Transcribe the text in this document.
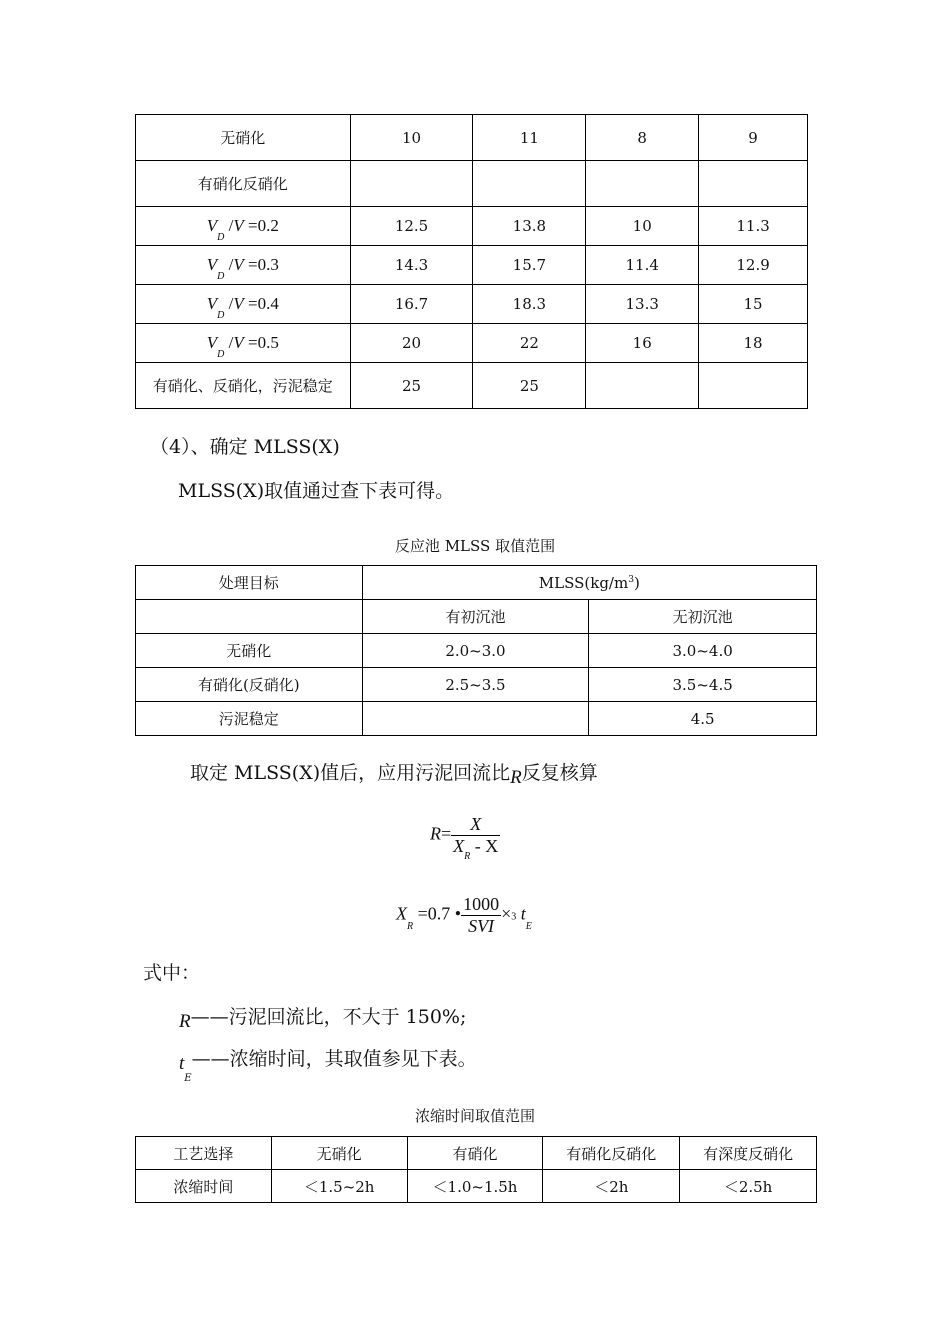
无硝化	10	11	8	9
有硝化反硝化				
$V_D$ /V =0.2	12.5	13.8	10	11.3
$V_D$ /V =0.3	14.3	15.7	11.4	12.9
$V_D$ /V =0.4	16.7	18.3	13.3	15
$V_D$ /V =0.5	20	22	16	18
有硝化、反硝化，污泥稳定	25	25		
（4）、确定 MLSS(X)
MLSS(X)取值通过查下表可得。
反应池 MLSS 取值范围
处理目标	$MLSS(kg/m^3)$	
	有初沉池	无初沉池
无硝化	2.0~3.0	3.0~4.0
有硝化(反硝化)	2.5~3.5	3.5~4.5
污泥稳定		4.5
取定 MLSS(X)值后，应用污泥回流比R反复核算
$R= \frac{X}{X_R - X}$
$X_R =0.7$ • $\frac{1000}{\text{SVI}} \times 3$ $t_E$
式中：
R——污泥回流比，不大于 150%;
$t_E——$浓缩时间，其取值参见下表。
浓缩时间取值范围
工艺选择	无硝化	有硝化	有硝化反硝化	有深度反硝化
浓缩时间	＜1.5~2h	＜1.0~1.5h	＜2h	＜2.5h
